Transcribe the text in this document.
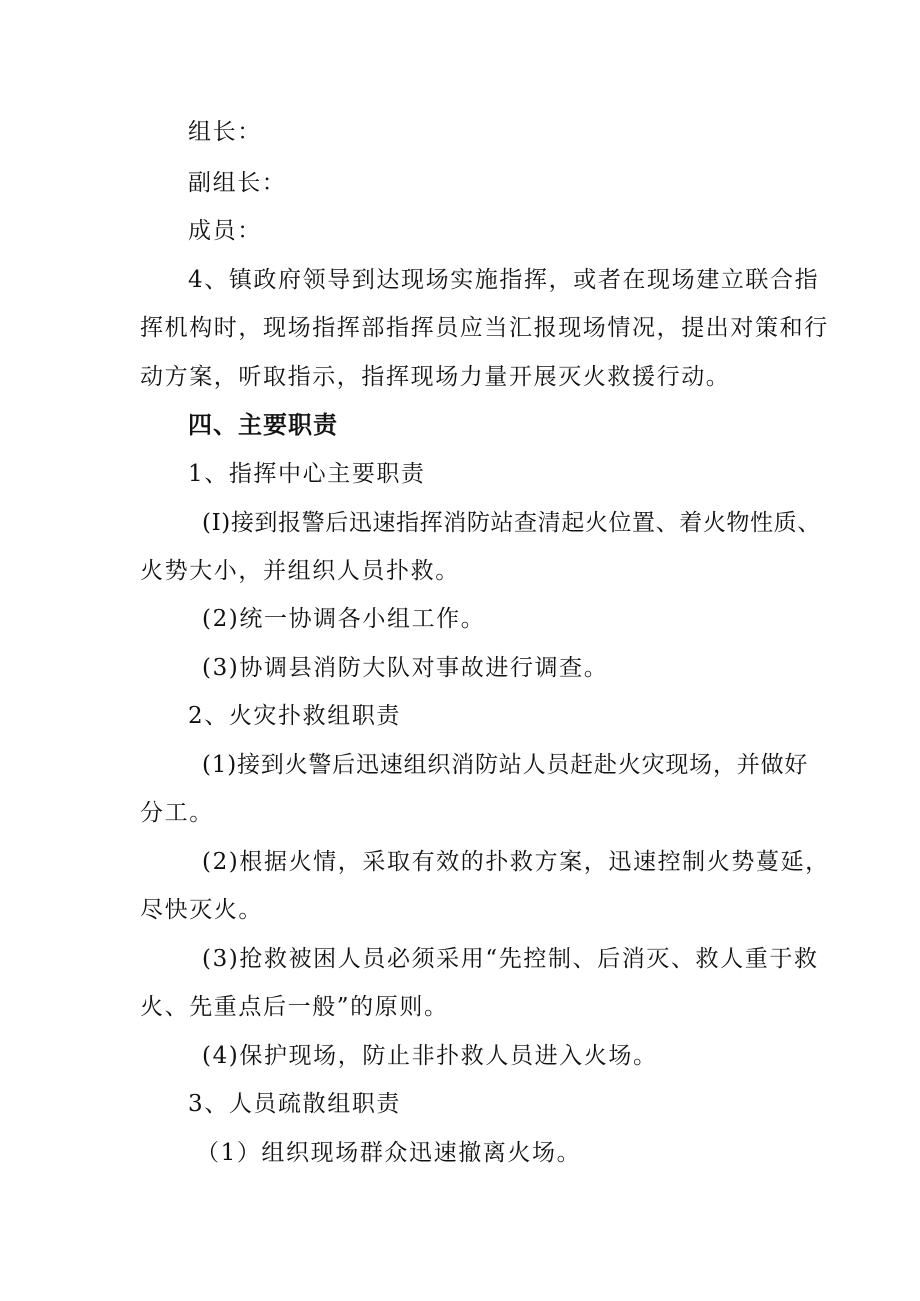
组长：
副组长：
成员：
4、镇政府领导到达现场实施指挥，或者在现场建立联合指
挥机构时，现场指挥部指挥员应当汇报现场情况，提出对策和行
动方案，听取指示，指挥现场力量开展灭火救援行动。
四、主要职责
1、指挥中心主要职责
(I)接到报警后迅速指挥消防站查清起火位置、着火物性质、
火势大小，并组织人员扑救。
(2)统一协调各小组工作。
(3)协调县消防大队对事故进行调查。
2、火灾扑救组职责
(1)接到火警后迅速组织消防站人员赶赴火灾现场，并做好
分工。
(2)根据火情，采取有效的扑救方案，迅速控制火势蔓延，
尽快灭火。
(3)抢救被困人员必须采用“先控制、后消灭、救人重于救
火、先重点后一般”的原则。
(4)保护现场，防止非扑救人员进入火场。
3、人员疏散组职责
（1）组织现场群众迅速撤离火场。
